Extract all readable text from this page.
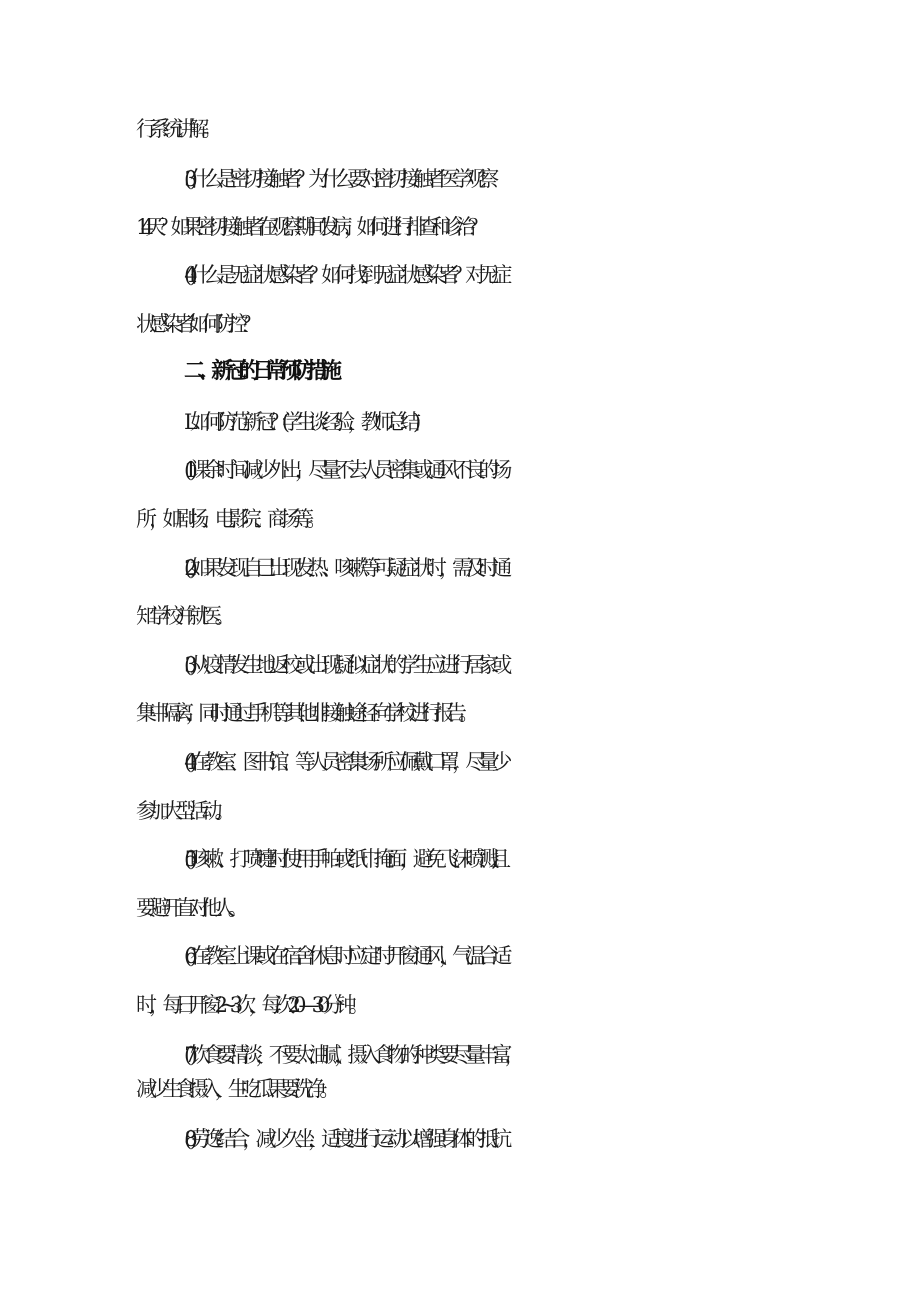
行系统讲解。
(3)什么是密切接触者？为什么要对密切接触者医学观察
14天？如果密切接触者在观察期间发病，如何进行排查和诊治？
(4)什么是无症状感染者？如何找到无症状感染者？对无症
状感染者如何防控？
二、新冠的日常预防措施
L如何防范新冠？(学生谈经验，教师总结)
(1)课余时间减少外出，尽量不去人员密集或通风不良的场
所，如剧场、电影院、商场等。
(2)如果发现自己出现发热、咳嗽等可疑症状时，需及时通
知学校并就医。
(3)从疫情发生地返校或出现疑似症状的学生应进行居家或
集中隔离，同时通过手机等其他非接触途径向学校进行报告。
(4)在教室、图书馆、等人员密集场所应佩戴口罩，尽量少
参加大型活动。
(5)咳嗽、打喷嚏时使用手帕或纸巾掩面，避免飞沫喷溅,且
要避开直对他人。
(6)在教室上课或在宿舍休息时应定时开窗通风，气温合适
时，每日开窗2~3次，每次20—30分钟。
(7)饮食要清淡，不要太油腻，摄入食物的种类要尽量丰富，
减少生食摄入，生吃瓜果要洗净。
(8)劳逸结合，减少久坐，适度进行运动以增强身体的抵抗
